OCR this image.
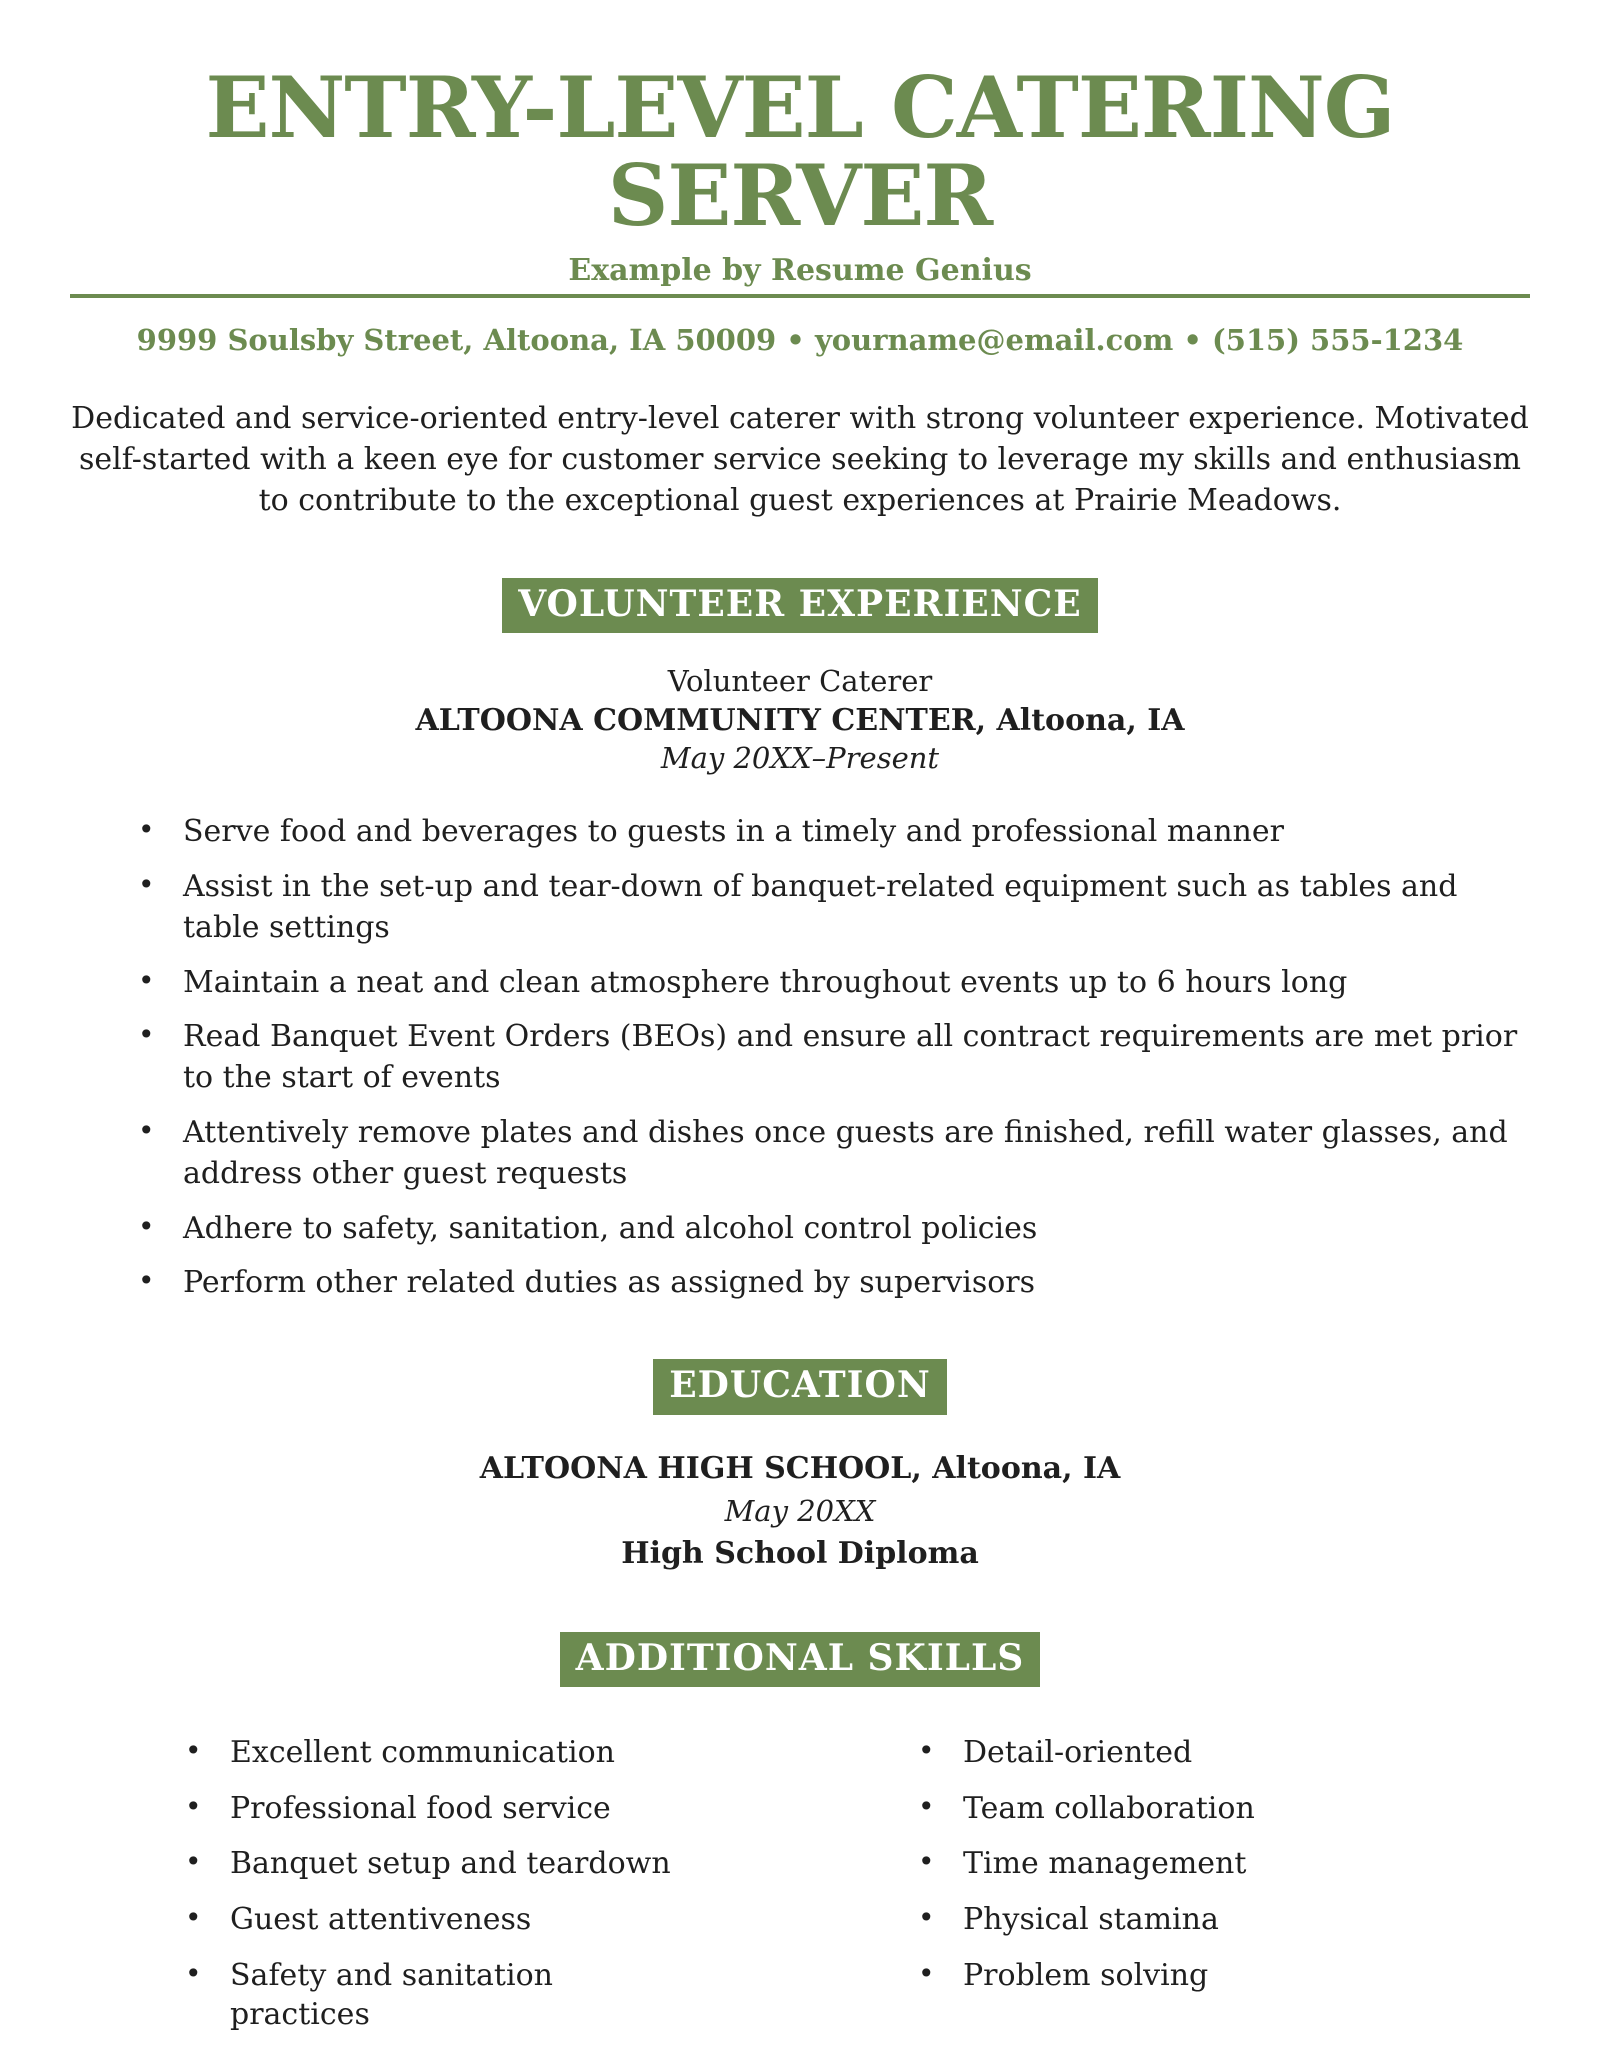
ENTRY-LEVEL CATERING SERVER
Example by Resume Genius
9999 Soulsby Street, Altoona, IA 50009 • yourname@email.com • (515) 555-1234

Dedicated and service-oriented entry-level caterer with strong volunteer experience. Motivated self-started with a keen eye for customer service seeking to leverage my skills and enthusiasm to contribute to the exceptional guest experiences at Prairie Meadows.

VOLUNTEER EXPERIENCE
Volunteer Caterer
ALTOONA COMMUNITY CENTER, Altoona, IA
May 20XX–Present
• Serve food and beverages to guests in a timely and professional manner
• Assist in the set-up and tear-down of banquet-related equipment such as tables and table settings
• Maintain a neat and clean atmosphere throughout events up to 6 hours long
• Read Banquet Event Orders (BEOs) and ensure all contract requirements are met prior to the start of events
• Attentively remove plates and dishes once guests are finished, refill water glasses, and address other guest requests
• Adhere to safety, sanitation, and alcohol control policies
• Perform other related duties as assigned by supervisors
EDUCATION
ALTOONA HIGH SCHOOL, Altoona, IA
May 20XX
High School Diploma
ADDITIONAL SKILLS
• Excellent communication
• Professional food service
• Banquet setup and teardown
• Guest attentiveness
• Safety and sanitation practices
• Detail-oriented
• Team collaboration
• Time management
• Physical stamina
• Problem solving
